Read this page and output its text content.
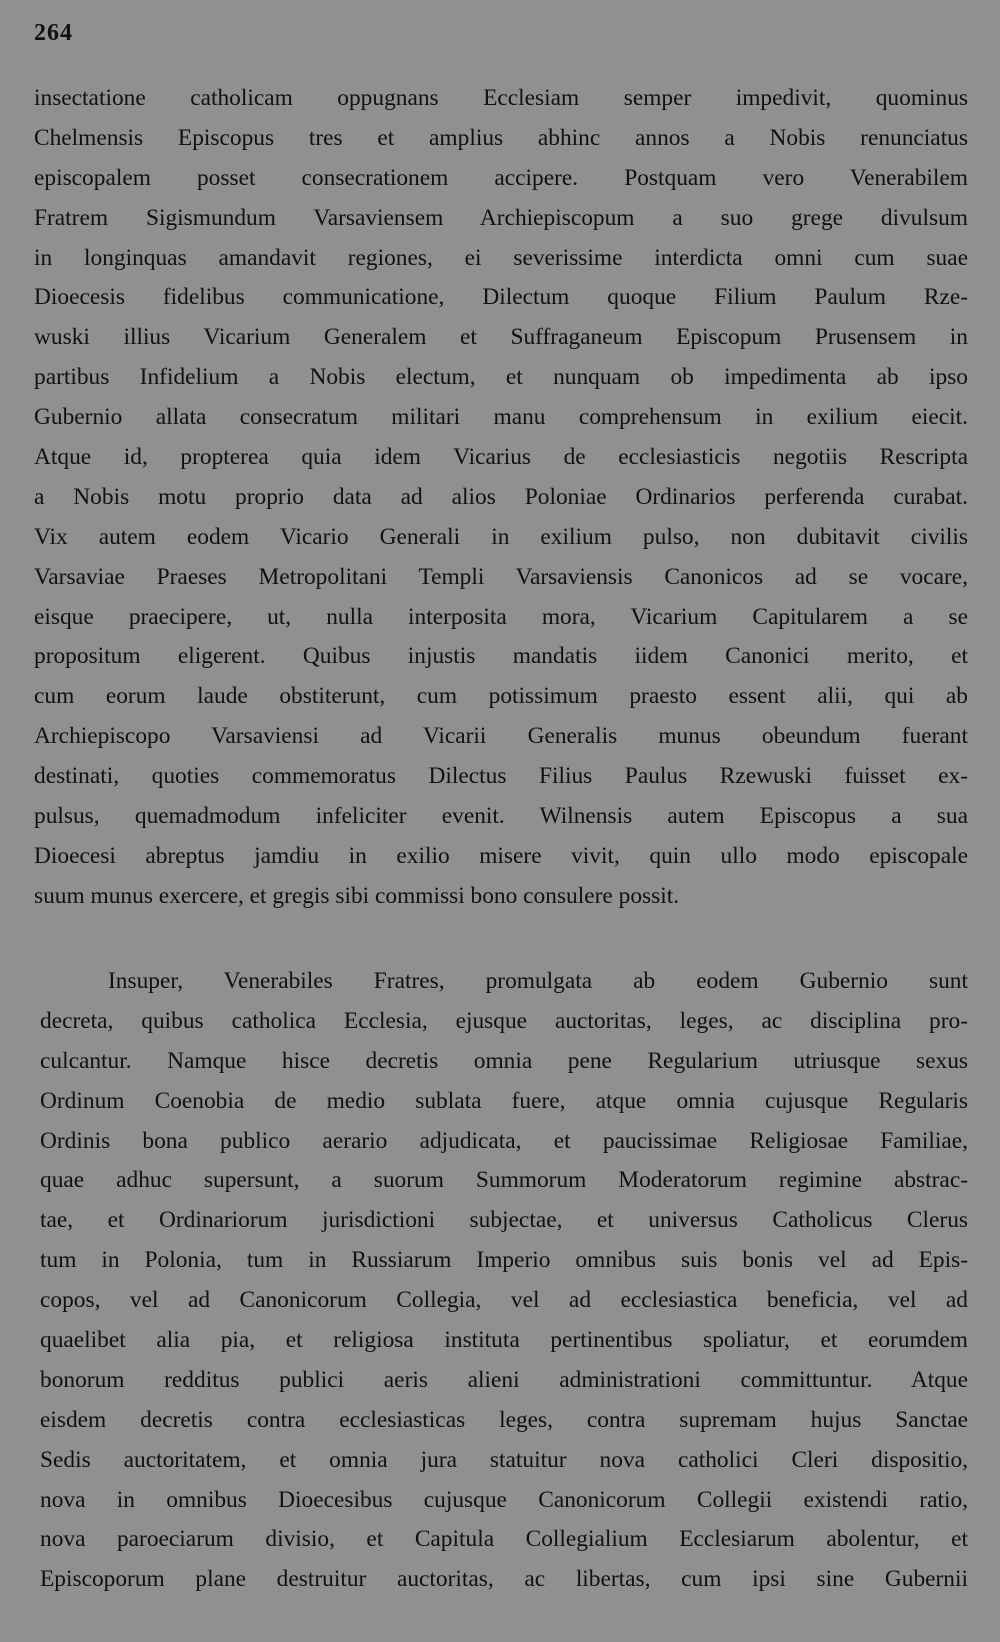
264
insectatione catholicam oppugnans Ecclesiam semper impedivit, quominus
Chelmensis Episcopus tres et amplius abhinc annos a Nobis renunciatus
episcopalem posset consecrationem accipere. Postquam vero Venerabilem
Fratrem Sigismundum Varsaviensem Archiepiscopum a suo grege divulsum
in longinquas amandavit regiones, ei severissime interdicta omni cum suae
Dioecesis fidelibus communicatione, Dilectum quoque Filium Paulum Rze-
wuski illius Vicarium Generalem et Suffraganeum Episcopum Prusensem in
partibus Infidelium a Nobis electum, et nunquam ob impedimenta ab ipso
Gubernio allata consecratum militari manu comprehensum in exilium eiecit.
Atque id, propterea quia idem Vicarius de ecclesiasticis negotiis Rescripta
a Nobis motu proprio data ad alios Poloniae Ordinarios perferenda curabat.
Vix autem eodem Vicario Generali in exilium pulso, non dubitavit civilis
Varsaviae Praeses Metropolitani Templi Varsaviensis Canonicos ad se vocare,
eisque praecipere, ut, nulla interposita mora, Vicarium Capitularem a se
propositum eligerent. Quibus injustis mandatis iidem Canonici merito, et
cum eorum laude obstiterunt, cum potissimum praesto essent alii, qui ab
Archiepiscopo Varsaviensi ad Vicarii Generalis munus obeundum fuerant
destinati, quoties commemoratus Dilectus Filius Paulus Rzewuski fuisset ex-
pulsus, quemadmodum infeliciter evenit. Wilnensis autem Episcopus a sua
Dioecesi abreptus jamdiu in exilio misere vivit, quin ullo modo episcopale
suum munus exercere, et gregis sibi commissi bono consulere possit.
Insuper, Venerabiles Fratres, promulgata ab eodem Gubernio sunt
decreta, quibus catholica Ecclesia, ejusque auctoritas, leges, ac disciplina pro-
culcantur. Namque hisce decretis omnia pene Regularium utriusque sexus
Ordinum Coenobia de medio sublata fuere, atque omnia cujusque Regularis
Ordinis bona publico aerario adjudicata, et paucissimae Religiosae Familiae,
quae adhuc supersunt, a suorum Summorum Moderatorum regimine abstrac-
tae, et Ordinariorum jurisdictioni subjectae, et universus Catholicus Clerus
tum in Polonia, tum in Russiarum Imperio omnibus suis bonis vel ad Epis-
copos, vel ad Canonicorum Collegia, vel ad ecclesiastica beneficia, vel ad
quaelibet alia pia, et religiosa instituta pertinentibus spoliatur, et eorumdem
bonorum redditus publici aeris alieni administrationi committuntur. Atque
eisdem decretis contra ecclesiasticas leges, contra supremam hujus Sanctae
Sedis auctoritatem, et omnia jura statuitur nova catholici Cleri dispositio,
nova in omnibus Dioecesibus cujusque Canonicorum Collegii existendi ratio,
nova paroeciarum divisio, et Capitula Collegialium Ecclesiarum abolentur, et
Episcoporum plane destruitur auctoritas, ac libertas, cum ipsi sine Gubernii
